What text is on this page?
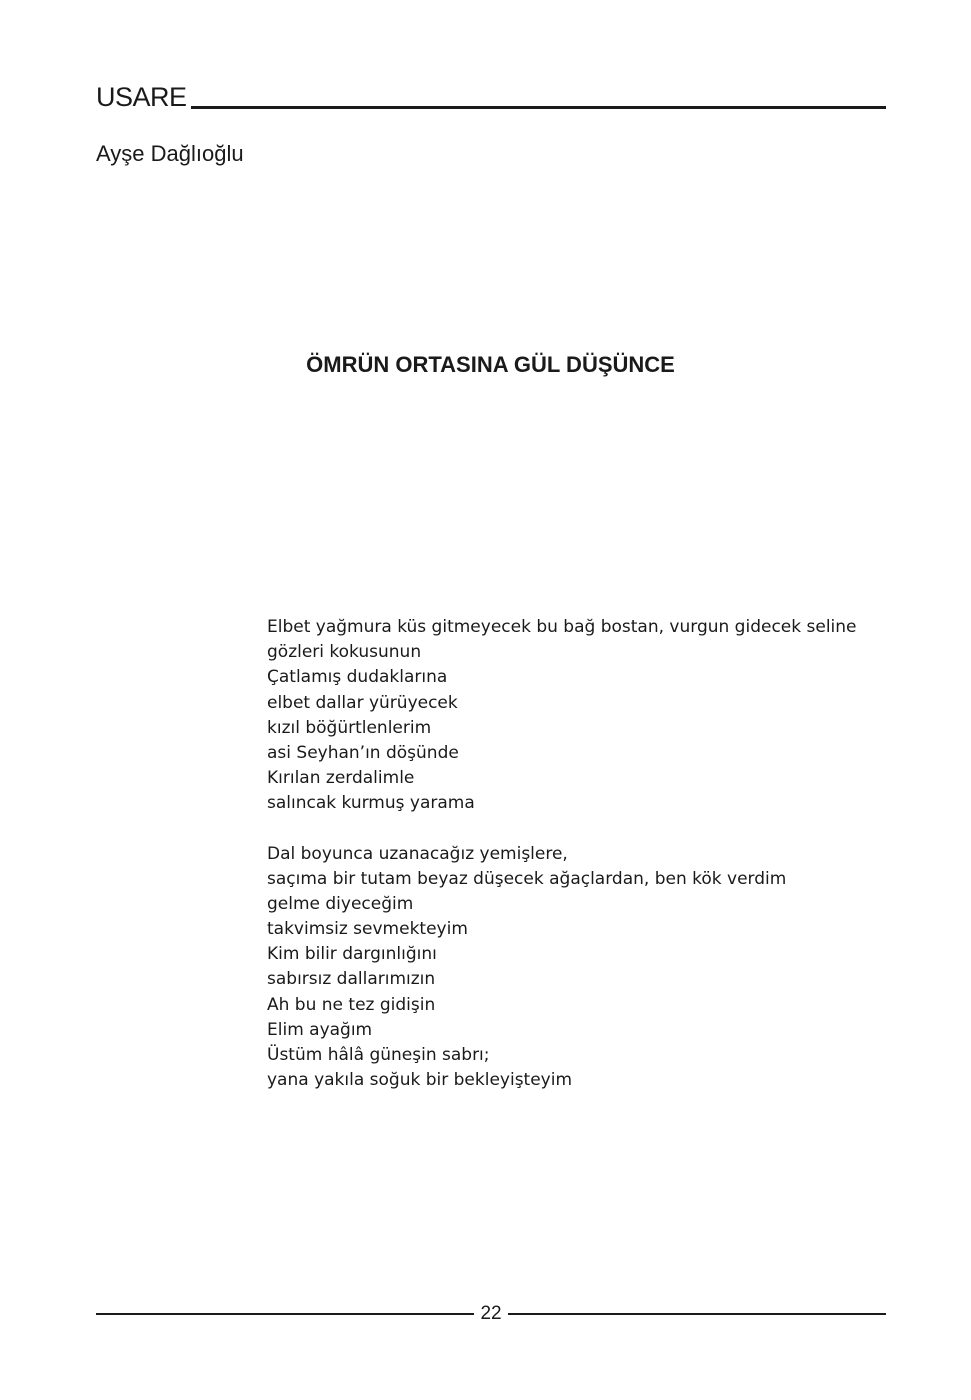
USARE
Ayşe Dağlıoğlu
ÖMRÜN ORTASINA GÜL DÜŞÜNCE
Elbet yağmura küs gitmeyecek bu bağ bostan, vurgun gidecek seline
gözleri kokusunun
Çatlamış dudaklarına
elbet dallar yürüyecek
kızıl böğürtlenlerim
asi Seyhan’ın döşünde
Kırılan zerdalimle
salıncak kurmuş yarama
Dal boyunca uzanacağız yemişlere,
saçıma bir tutam beyaz düşecek ağaçlardan, ben kök verdim
gelme diyeceğim
takvimsiz sevmekteyim
Kim bilir dargınlığını
sabırsız dallarımızın
Ah bu ne tez gidişin
Elim ayağım
Üstüm hâlâ güneşin sabrı;
yana yakıla soğuk bir bekleyişteyim
22
